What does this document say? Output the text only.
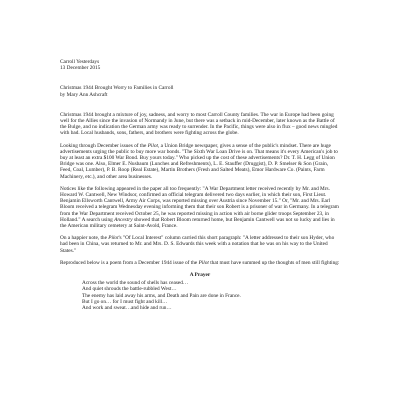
Carroll Yesterdays
13 December 2015
Christmas 1944 Brought Worry to Families in Carroll
by Mary Ann Ashcraft

Christmas 1944 brought a mixture of joy, sadness, and worry to most Carroll County families. The war in Europe had been going well for the Allies since the invasion of Normandy in June, but there was a setback in mid-December, later known as the Battle of the Bulge, and no indication the German army was ready to surrender. In the Pacific, things were also in flux – good news mingled with bad. Local husbands, sons, fathers, and brothers were fighting across the globe.

Looking through December issues of the Pilot, a Union Bridge newspaper, gives a sense of the public's mindset. There are huge advertisements urging the public to buy more war bonds. "The Sixth War Loan Drive is on. That means it's every American's job to buy at least an extra $100 War Bond. Buy yours today." Who picked up the cost of these advertisements? Dr. T. H. Legg of Union Bridge was one. Also, Elmer E. Nusbaum (Lunches and Refreshments), L. E. Stauffer (Druggist), D. P. Smelser & Son (Grain, Feed, Coal, Lumber), P. B. Roop (Real Estate), Martin Brothers (Fresh and Salted Meats), Emor Hardware Co. (Paints, Farm Machinery, etc.), and other area businesses.

Notices like the following appeared in the paper all too frequently: "A War Department letter received recently by Mr. and Mrs. Howard W. Cantwell, New Windsor, confirmed an official telegram delivered two days earlier, in which their son, First Lieut. Benjamin Ellsworth Cantwell, Army Air Corps, was reported missing over Austria since November 15." Or, "Mr. and Mrs. Earl Bloom received a telegram Wednesday evening informing them that their son Robert is a prisoner of war in Germany. In a telegram from the War Department received October 25, he was reported missing in action with air borne glider troops September 23, in Holland." A search using Ancestry showed that Robert Bloom returned home, but Benjamin Cantwell was not so lucky and lies in the American military cemetery at Saint-Avold, France.

On a happier note, the Pilot's "Of Local Interest" column carried this short paragraph: "A letter addressed to their son Hyder, who had been in China, was returned to Mr. and Mrs. D. S. Edwards this week with a notation that he was on his way to the United States."

Reproduced below is a poem from a December 1944 issue of the Pilot that must have summed up the thoughts of men still fighting:

A Prayer
Across the world the sound of shells has ceased…
And quiet shrouds the battle-rubbled West…
The enemy has laid away his arms, and Death and Pain are done in France.
But I go on… for I must fight and kill…
And work and sweat…and hide and run…
